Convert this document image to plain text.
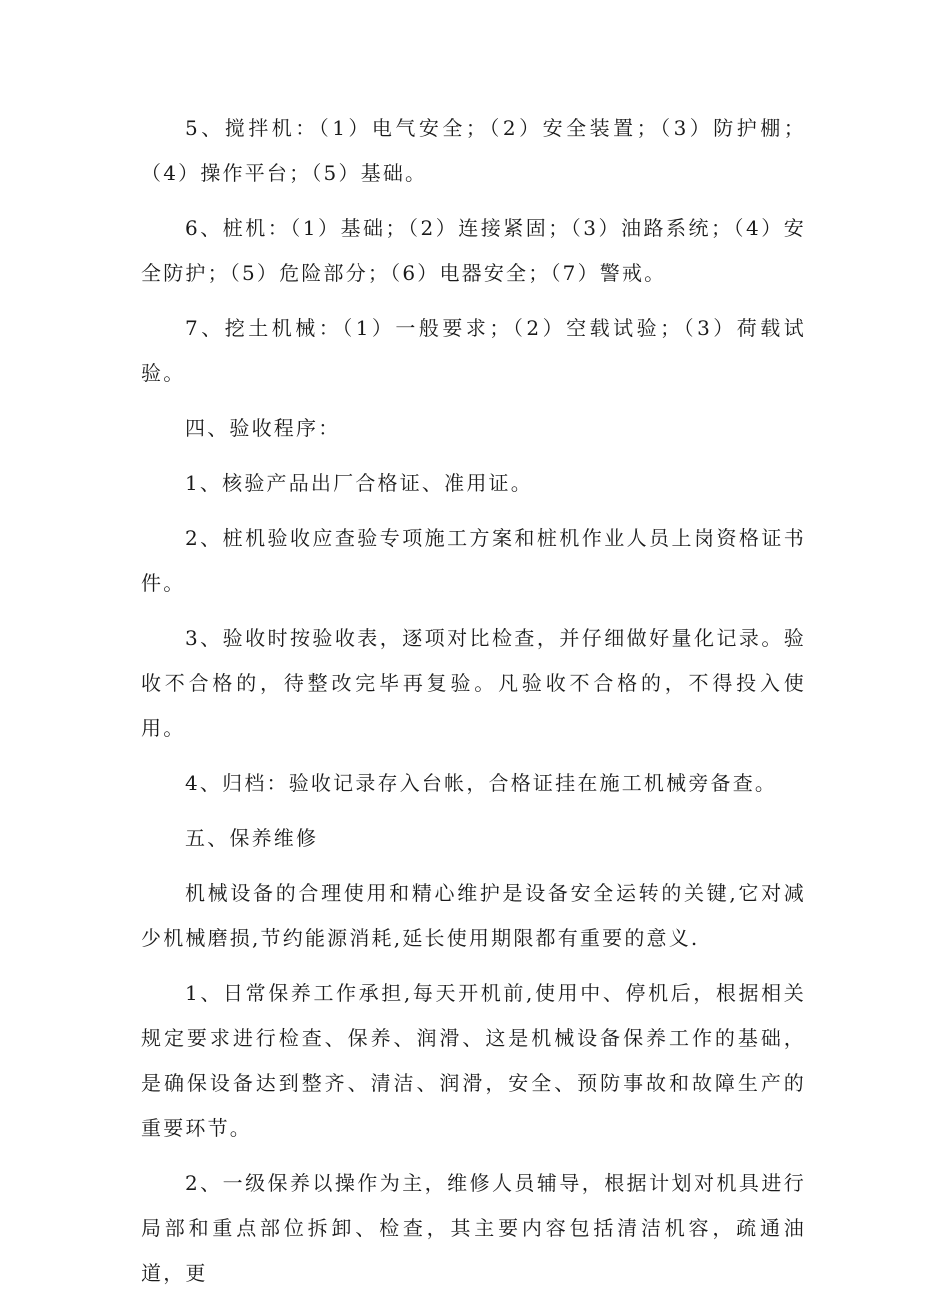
5、搅拌机：（1）电气安全；（2）安全装置；（3）防护棚；（4）操作平台；（5）基础。

6、桩机：（1）基础；（2）连接紧固；（3）油路系统；（4）安全防护；（5）危险部分；（6）电器安全；（7）警戒。

7、挖土机械：（1）一般要求；（2）空载试验；（3）荷载试验。

四、验收程序：

1、核验产品出厂合格证、准用证。

2、桩机验收应查验专项施工方案和桩机作业人员上岗资格证书件。

3、验收时按验收表，逐项对比检查，并仔细做好量化记录。验收不合格的，待整改完毕再复验。凡验收不合格的，不得投入使用。

4、归档：验收记录存入台帐，合格证挂在施工机械旁备查。

五、保养维修

机械设备的合理使用和精心维护是设备安全运转的关键,它对减少机械磨损,节约能源消耗,延长使用期限都有重要的意义.

1、日常保养工作承担,每天开机前,使用中、停机后，根据相关规定要求进行检查、保养、润滑、这是机械设备保养工作的基础，是确保设备达到整齐、清洁、润滑，安全、预防事故和故障生产的重要环节。

2、一级保养以操作为主，维修人员辅导，根据计划对机具进行局部和重点部位拆卸、检查，其主要内容包括清洁机容，疏通油道，更
